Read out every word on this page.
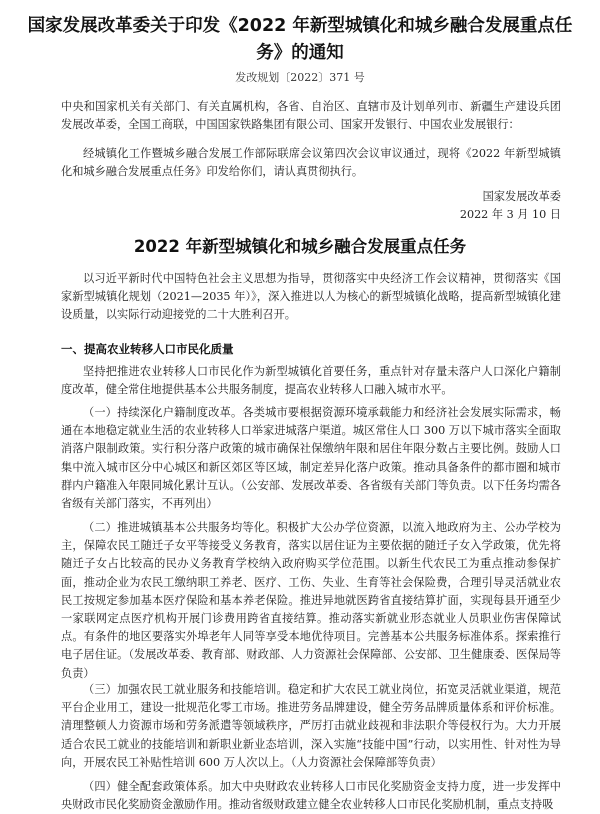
国家发展改革委关于印发《2022 年新型城镇化和城乡融合发展重点任务》的通知
发改规划〔2022〕371 号
中央和国家机关有关部门、有关直属机构，各省、自治区、直辖市及计划单列市、新疆生产建设兵团发展改革委，全国工商联，中国国家铁路集团有限公司、国家开发银行、中国农业发展银行：
经城镇化工作暨城乡融合发展工作部际联席会议第四次会议审议通过，现将《2022 年新型城镇化和城乡融合发展重点任务》印发给你们，请认真贯彻执行。
国家发展改革委
2022 年 3 月 10 日
2022 年新型城镇化和城乡融合发展重点任务
以习近平新时代中国特色社会主义思想为指导，贯彻落实中央经济工作会议精神，贯彻落实《国家新型城镇化规划（2021—2035 年）》，深入推进以人为核心的新型城镇化战略，提高新型城镇化建设质量，以实际行动迎接党的二十大胜利召开。
一、提高农业转移人口市民化质量
坚持把推进农业转移人口市民化作为新型城镇化首要任务，重点针对存量未落户人口深化户籍制度改革，健全常住地提供基本公共服务制度，提高农业转移人口融入城市水平。
（一）持续深化户籍制度改革。各类城市要根据资源环境承载能力和经济社会发展实际需求，畅通在本地稳定就业生活的农业转移人口举家进城落户渠道。城区常住人口 300 万以下城市落实全面取消落户限制政策。实行积分落户政策的城市确保社保缴纳年限和居住年限分数占主要比例。鼓励人口集中流入城市区分中心城区和新区郊区等区域，制定差异化落户政策。推动具备条件的都市圈和城市群内户籍准入年限同城化累计互认。（公安部、发展改革委、各省级有关部门等负责。以下任务均需各省级有关部门落实，不再列出）
（二）推进城镇基本公共服务均等化。积极扩大公办学位资源，以流入地政府为主、公办学校为主，保障农民工随迁子女平等接受义务教育，落实以居住证为主要依据的随迁子女入学政策，优先将随迁子女占比较高的民办义务教育学校纳入政府购买学位范围。以新生代农民工为重点推动参保扩面，推动企业为农民工缴纳职工养老、医疗、工伤、失业、生育等社会保险费，合理引导灵活就业农民工按规定参加基本医疗保险和基本养老保险。推进异地就医跨省直接结算扩面，实现每县开通至少一家联网定点医疗机构开展门诊费用跨省直接结算。推动落实新就业形态就业人员职业伤害保障试点。有条件的地区要落实外埠老年人同等享受本地优待项目。完善基本公共服务标准体系。探索推行电子居住证。（发展改革委、教育部、财政部、人力资源社会保障部、公安部、卫生健康委、医保局等负责）
（三）加强农民工就业服务和技能培训。稳定和扩大农民工就业岗位，拓宽灵活就业渠道，规范平台企业用工，建设一批规范化零工市场。推进劳务品牌建设，健全劳务品牌质量体系和评价标准。清理整顿人力资源市场和劳务派遣等领域秩序，严厉打击就业歧视和非法职介等侵权行为。大力开展适合农民工就业的技能培训和新职业新业态培训，深入实施“技能中国”行动，以实用性、针对性为导向，开展农民工补贴性培训 600 万人次以上。（人力资源社会保障部等负责）
（四）健全配套政策体系。加大中央财政农业转移人口市民化奖励资金支持力度，进一步发挥中央财政市民化奖励资金激励作用。推动省级财政建立健全农业转移人口市民化奖励机制，重点支持吸
